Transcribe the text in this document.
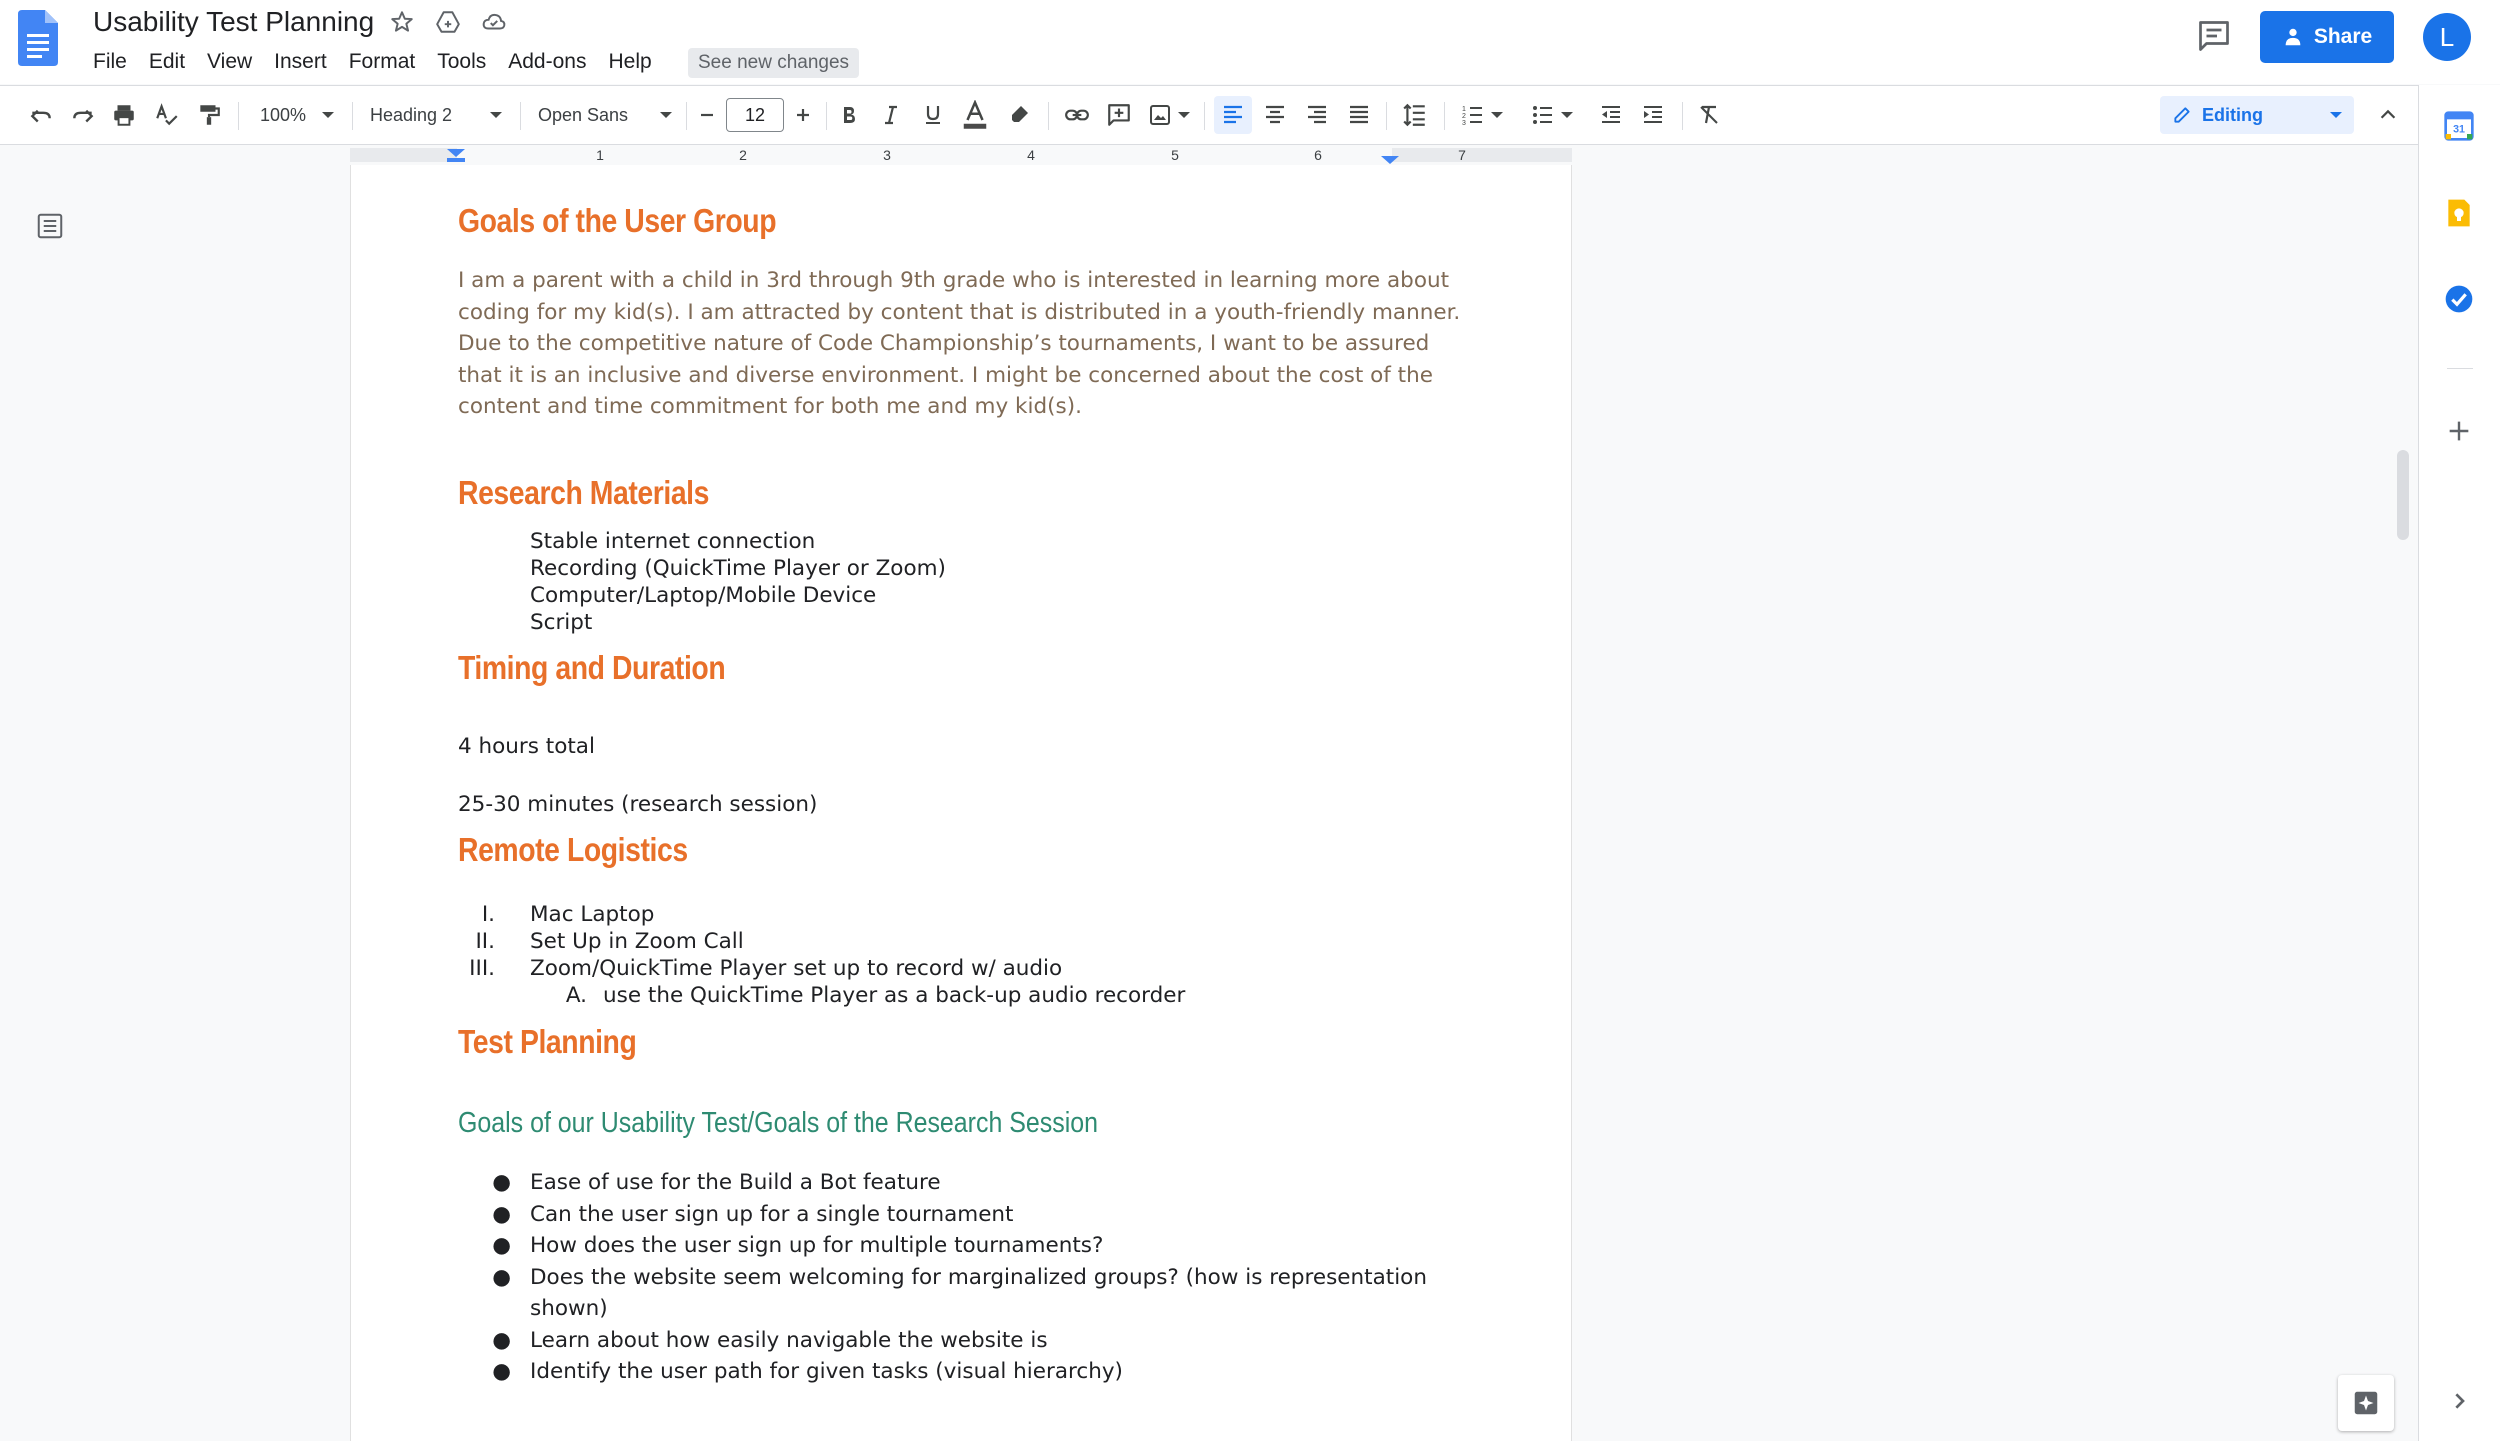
Usability Test Planning
File	Edit	View	Insert	Format	Tools	Add-ons	Help	See new changes
Share	L
100%	Heading 2	Open Sans	12	1
2
3	Editing
1	2	3	4	5	6	7
Goals of the User Group
I am a parent with a child in 3rd through 9th grade who is interested in learning more about coding for my kid(s). I am attracted by content that is distributed in a youth-friendly manner. Due to the competitive nature of Code Championship’s tournaments, I want to be assured that it is an inclusive and diverse environment. I might be concerned about the cost of the content and time commitment for both me and my kid(s).
Research Materials
Stable internet connection
Recording (QuickTime Player or Zoom)
Computer/Laptop/Mobile Device
Script
Timing and Duration
4 hours total
25-30 minutes (research session)
Remote Logistics
I. Mac Laptop
II. Set Up in Zoom Call
III. Zoom/QuickTime Player set up to record w/ audio
A. use the QuickTime Player as a back-up audio recorder
Test Planning
Goals of our Usability Test/Goals of the Research Session
● Ease of use for the Build a Bot feature
● Can the user sign up for a single tournament
● How does the user sign up for multiple tournaments?
● Does the website seem welcoming for marginalized groups? (how is representation
shown)
● Learn about how easily navigable the website is
● Identify the user path for given tasks (visual hierarchy)
31
